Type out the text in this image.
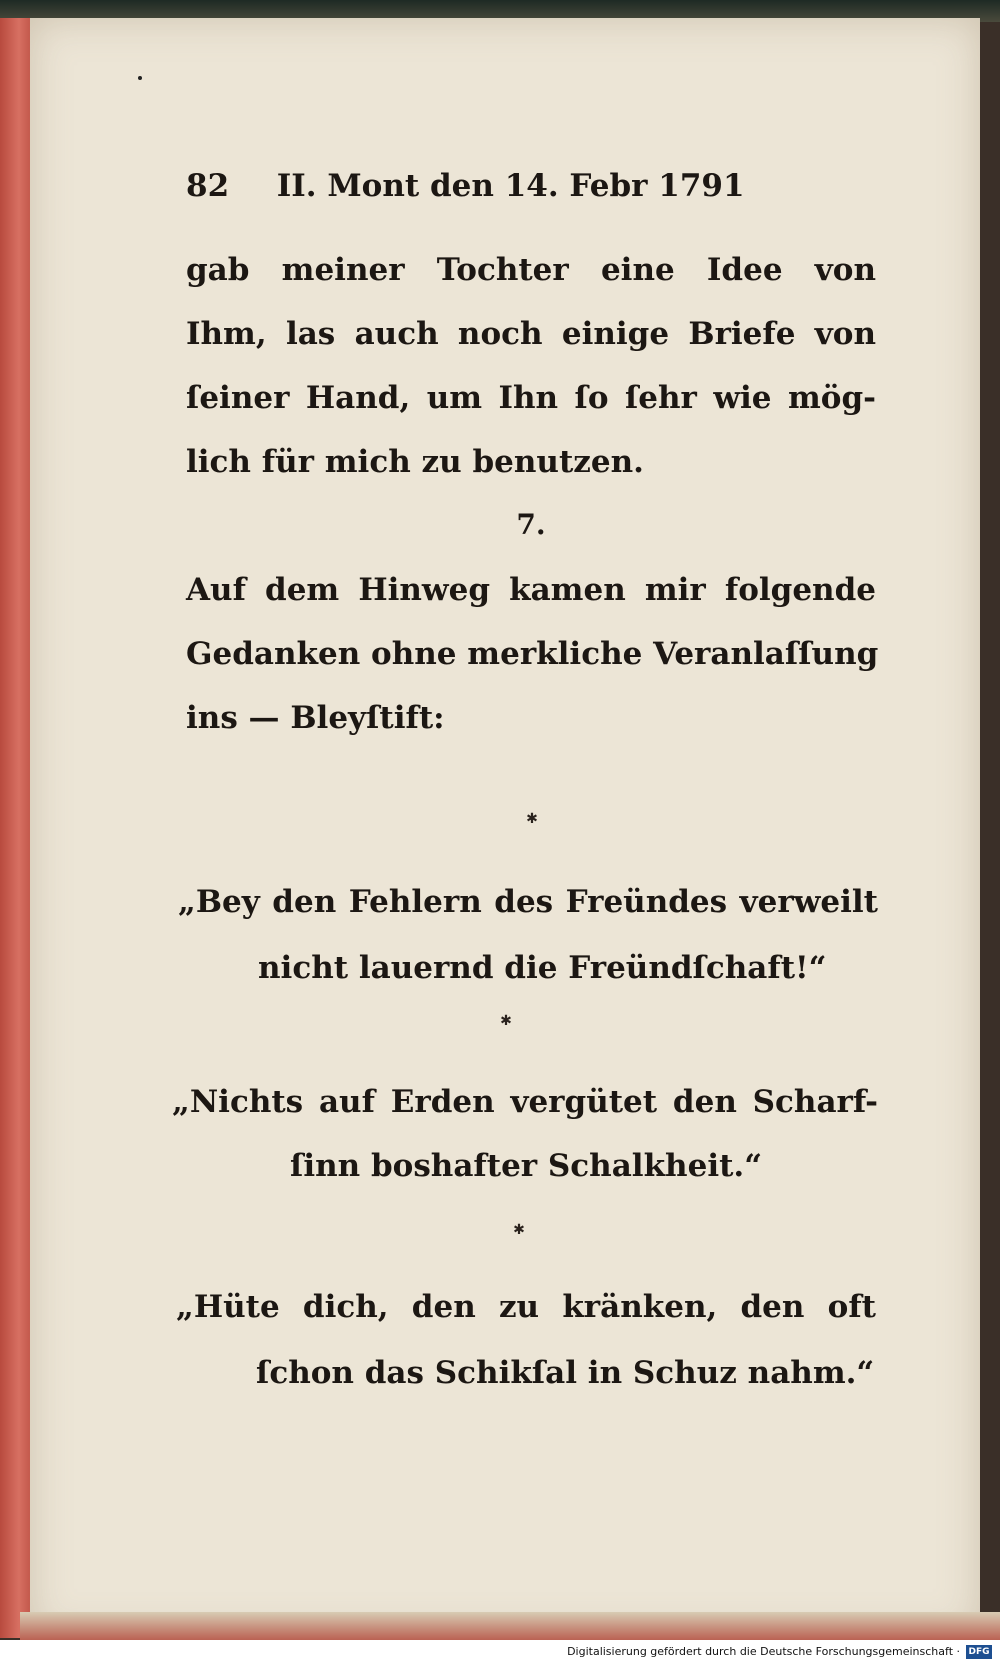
82 II. Mont den 14. Febr 1791
gab meiner Tochter eine Idee von
Ihm, las auch noch einige Briefe von
ſeiner Hand, um Ihn ſo ſehr wie mög-
lich für mich zu benutzen.
7.
Auf dem Hinweg kamen mir folgende
Gedanken ohne merkliche Veranlaſſung
ins — Bleyſtift:
✱
„Bey den Fehlern des Freündes verweilt
nicht lauernd die Freündſchaft!“
✱
„Nichts auf Erden vergütet den Scharf-
ſinn boshafter Schalkheit.“
✱
„Hüte dich, den zu kränken, den oft
ſchon das Schikſal in Schuz nahm.“
Digitalisierung gefördert durch die Deutsche Forschungsgemeinschaft · DFG
